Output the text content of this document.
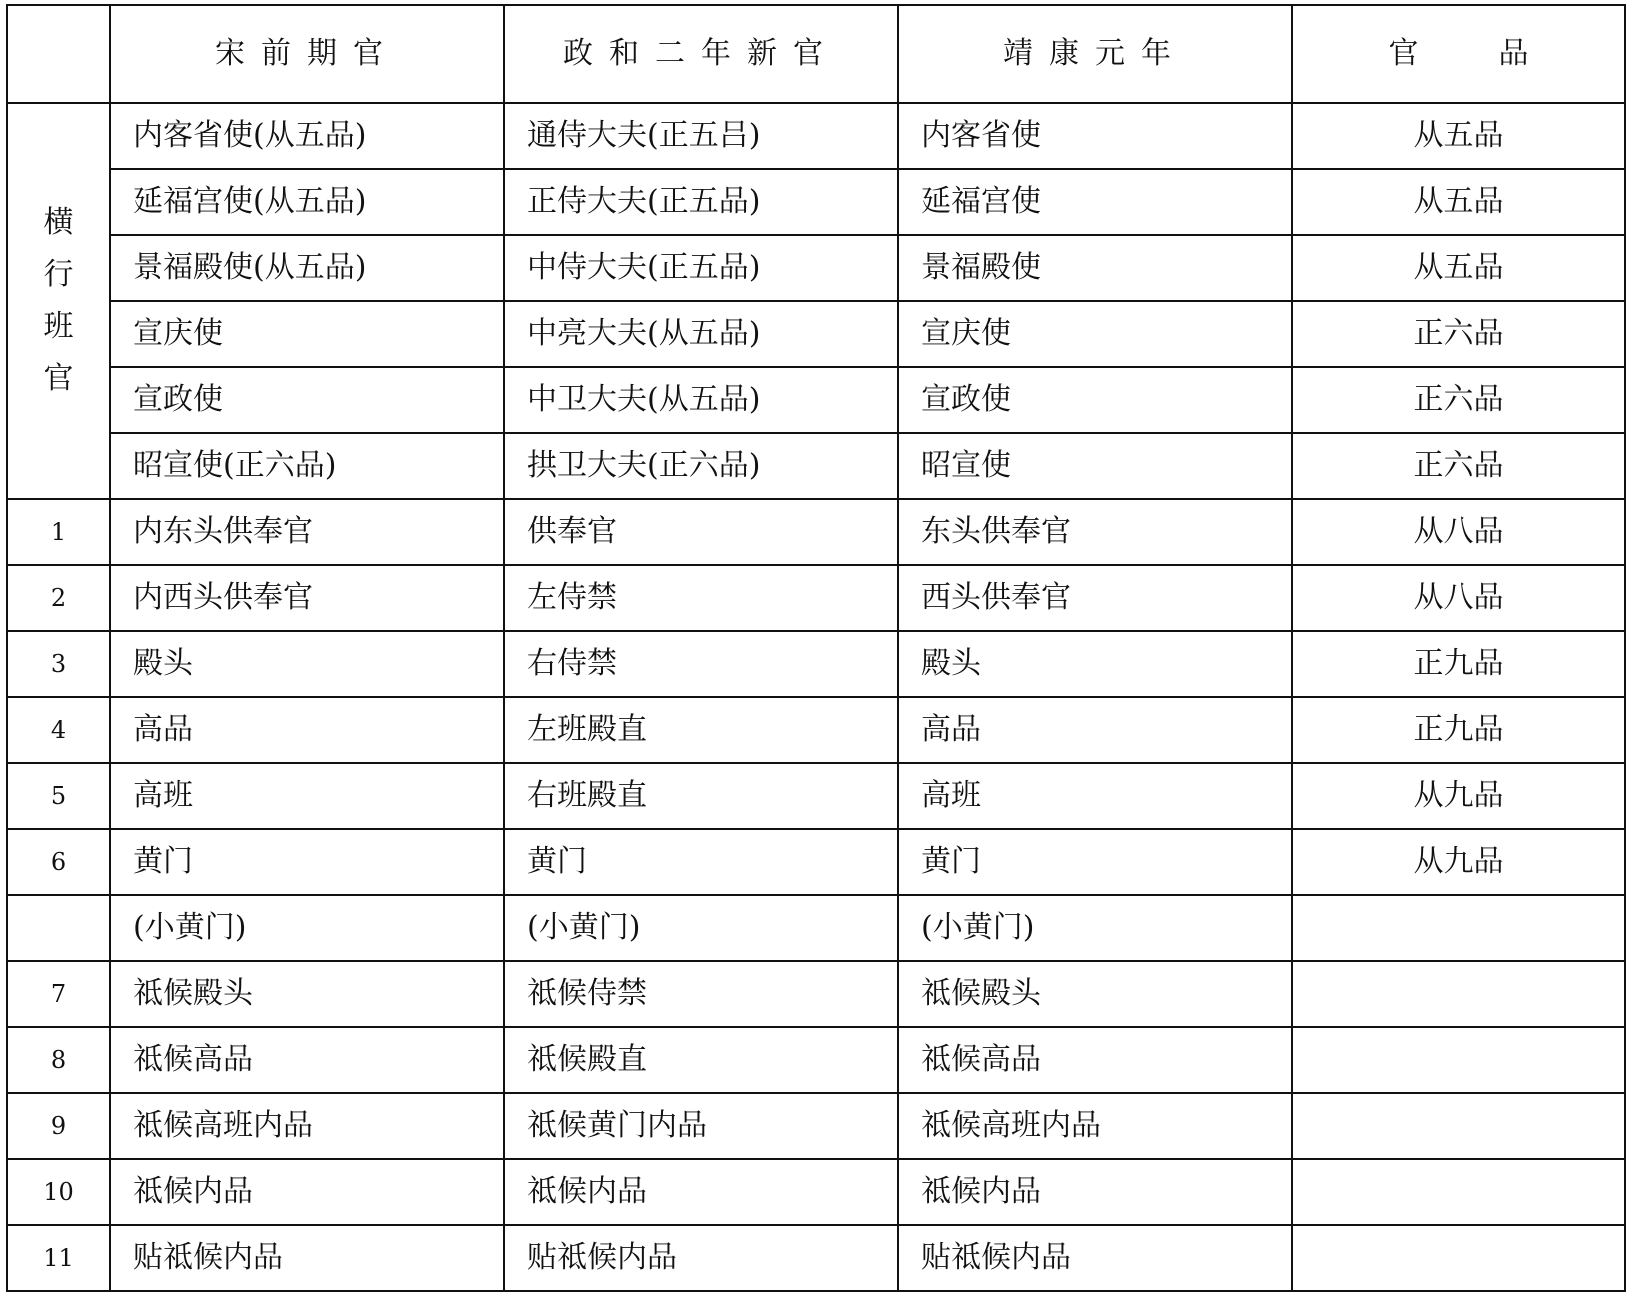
	宋前期官	政和二年新官	靖康元年	官 品
横行班官	内客省使(从五品)	通侍大夫(正五吕)	内客省使	从五品
	延福宫使(从五品)	正侍大夫(正五品)	延福宫使	从五品
	景福殿使(从五品)	中侍大夫(正五品)	景福殿使	从五品
	宣庆使	中亮大夫(从五品)	宣庆使	正六品
	宣政使	中卫大夫(从五品)	宣政使	正六品
	昭宣使(正六品)	拱卫大夫(正六品)	昭宣使	正六品
1	内东头供奉官	供奉官	东头供奉官	从八品
2	内西头供奉官	左侍禁	西头供奉官	从八品
3	殿头	右侍禁	殿头	正九品
4	高品	左班殿直	高品	正九品
5	高班	右班殿直	高班	从九品
6	黄门	黄门	黄门	从九品
	(小黄门)	(小黄门)	(小黄门)	
7	祗候殿头	祗候侍禁	祗候殿头	
8	祗候高品	祗候殿直	祗候高品	
9	祗候高班内品	祗候黄门内品	祗候高班内品	
10	祗候内品	祗候内品	祗候内品	
11	贴祗候内品	贴祗候内品	贴祗候内品	
